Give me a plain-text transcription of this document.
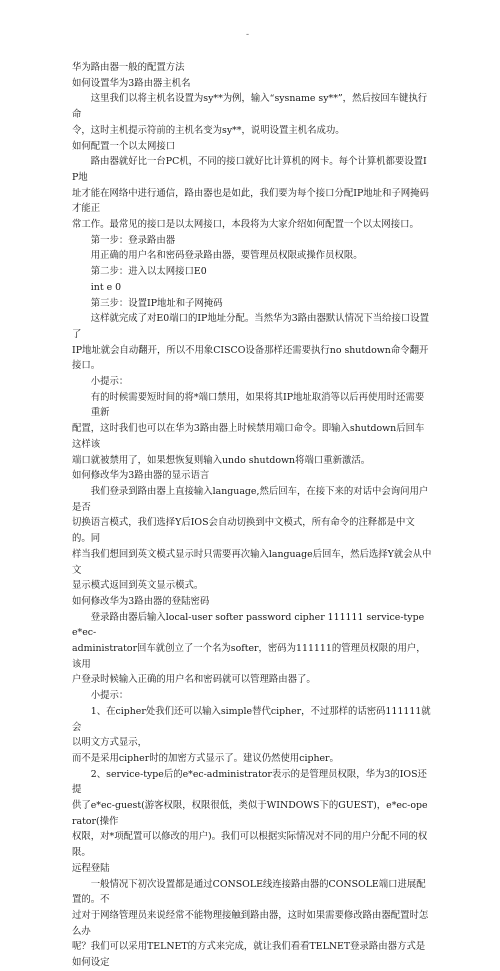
-

华为路由器一般的配置方法

如何设置华为3路由器主机名

这里我们以将主机名设置为sy**为例，输入“sysname sy**”，然后按回车键执行命

令，这时主机提示符前的主机名变为sy**，说明设置主机名成功。

如何配置一个以太网接口

路由器就好比一台PC机，不同的接口就好比计算机的网卡。每个计算机都要设置IP地

址才能在网络中进行通信，路由器也是如此，我们要为每个接口分配IP地址和子网掩码才能正

常工作。最常见的接口是以太网接口，本段将为大家介绍如何配置一个以太网接口。

第一步：登录路由器

用正确的用户名和密码登录路由器，要管理员权限或操作员权限。

第二步：进入以太网接口E0

int e 0

第三步：设置IP地址和子网掩码

这样就完成了对E0端口的IP地址分配。当然华为3路由器默认情况下当给接口设置了

IP地址就会自动翻开，所以不用象CISCO设备那样还需要执行no shutdown命令翻开接口。

小提示：

有的时候需要短时间的将*端口禁用，如果将其IP地址取消等以后再使用时还需要重新

配置，这时我们也可以在华为3路由器上时候禁用端口命令。即输入shutdown后回车这样该

端口就被禁用了，如果想恢复则输入undo shutdown将端口重新激活。

如何修改华为3路由器的显示语言

我们登录到路由器上直接输入language,然后回车，在接下来的对话中会询问用户是否

切换语言模式，我们选择Y后IOS会自动切换到中文模式，所有命令的注释都是中文的。同

样当我们想回到英文模式显示时只需要再次输入language后回车，然后选择Y就会从中文

显示模式返回到英文显示模式。

如何修改华为3路由器的登陆密码

登录路由器后输入local-user softer password cipher 111111 service-type e*ec-

administrator回车就创立了一个名为softer，密码为111111的管理员权限的用户，该用

户登录时候输入正确的用户名和密码就可以管理路由器了。

小提示：

1、在cipher处我们还可以输入simple替代cipher，不过那样的话密码111111就会

以明文方式显示，

而不是采用cipher时的加密方式显示了。建议仍然使用cipher。

2、service-type后的e*ec-administrator表示的是管理员权限，华为3的IOS还提

供了e*ec-guest(游客权限，权限很低，类似于WINDOWS下的GUEST)，e*ec-operator(操作

权限，对*项配置可以修改的用户)。我们可以根据实际情况对不同的用户分配不同的权限。

远程登陆

一般情况下初次设置都是通过CONSOLE线连接路由器的CONSOLE端口进展配置的。不

过对于网络管理员来说经常不能物理接触到路由器，这时如果需要修改路由器配置时怎么办

呢？我们可以采用TELNET的方式来完成，就让我们看看TELNET登录路由器方式是如何设定
